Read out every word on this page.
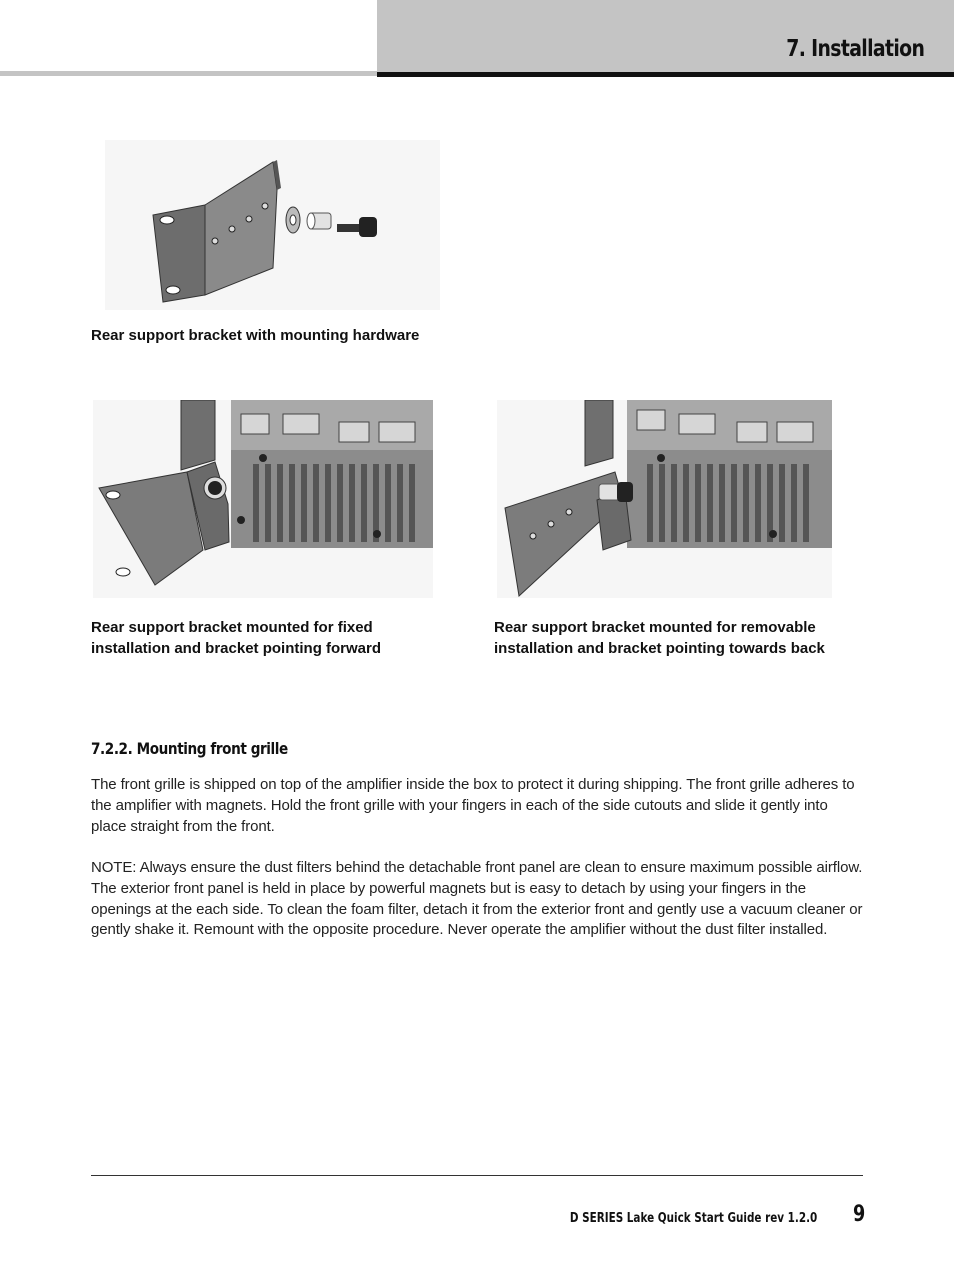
7. Installation
Rear support bracket with mounting hardware
Rear support bracket mounted for fixed
installation and bracket pointing forward
Rear support bracket mounted for removable
installation and bracket pointing towards back
7.2.2. Mounting front grille

The front grille is shipped on top of the amplifier inside the box to protect it during shipping. The front grille adheres to the amplifier with magnets. Hold the front grille with your fingers in each of the side cutouts and slide it gently into place straight from the front.

NOTE: Always ensure the dust filters behind the detachable front panel are clean to ensure maximum possible airflow. The exterior front panel is held in place by powerful magnets but is easy to detach by using your fingers in the openings at the each side. To clean the foam filter, detach it from the exterior front and gently use a vacuum cleaner or gently shake it. Remount with the opposite procedure. Never operate the amplifier without the dust filter installed.

D SERIES Lake Quick Start Guide rev 1.2.0 9
